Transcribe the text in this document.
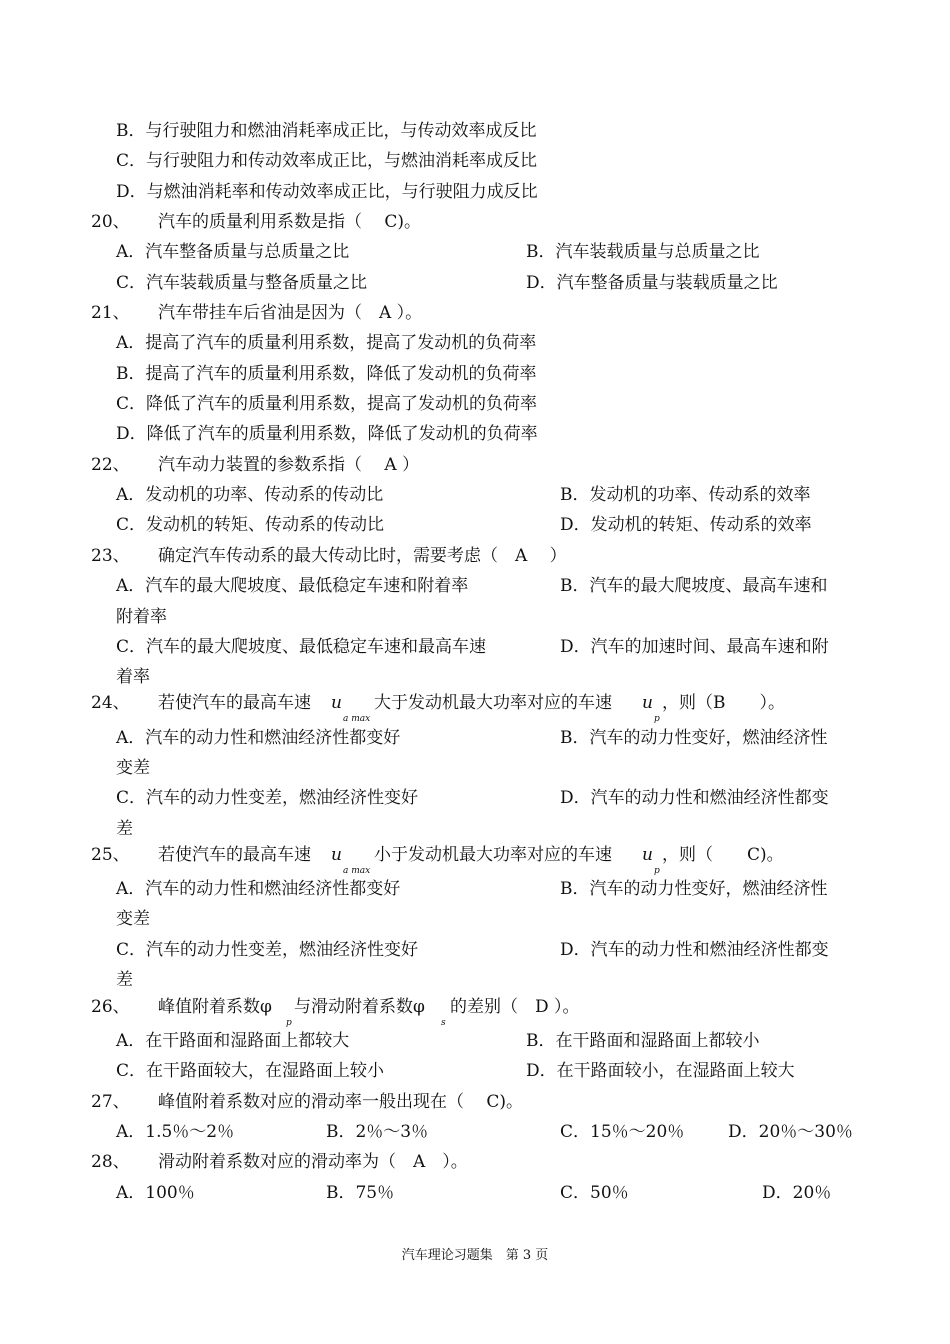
B．与行驶阻力和燃油消耗率成正比，与传动效率成反比
C．与行驶阻力和传动效率成正比，与燃油消耗率成反比
D．与燃油消耗率和传动效率成正比，与行驶阻力成反比
20、 汽车的质量利用系数是指（　 C)。
A．汽车整备质量与总质量之比	B．汽车装载质量与总质量之比
C．汽车装载质量与整备质量之比	D．汽车整备质量与装载质量之比
21、 汽车带挂车后省油是因为（　A ）。
A．提高了汽车的质量利用系数，提高了发动机的负荷率
B．提高了汽车的质量利用系数，降低了发动机的负荷率
C．降低了汽车的质量利用系数，提高了发动机的负荷率
D．降低了汽车的质量利用系数，降低了发动机的负荷率
22、 汽车动力装置的参数系指（　 A ）
A．发动机的功率、传动系的传动比	B．发动机的功率、传动系的效率
C．发动机的转矩、传动系的传动比	D．发动机的转矩、传动系的效率
23、 确定汽车传动系的最大传动比时，需要考虑（　A　 ）
A．汽车的最大爬坡度、最低稳定车速和附着率	B．汽车的最大爬坡度、最高车速和
附着率
C．汽车的最大爬坡度、最低稳定车速和最高车速	D．汽车的加速时间、最高车速和附
着率
24、 若使汽车的最高车速 u 大于发动机最大功率对应的车速 u ，则（B　　）。
a max	p
A．汽车的动力性和燃油经济性都变好	B．汽车的动力性变好，燃油经济性
变差
C．汽车的动力性变差，燃油经济性变好	D．汽车的动力性和燃油经济性都变
差
25、 若使汽车的最高车速 u 小于发动机最大功率对应的车速 u ，则（　　C)。
a max	p
A．汽车的动力性和燃油经济性都变好	B．汽车的动力性变好，燃油经济性
变差
C．汽车的动力性变差，燃油经济性变好	D．汽车的动力性和燃油经济性都变
差
26、 峰值附着系数φ 与滑动附着系数φ 的差别（　D ）。
p	s
A．在干路面和湿路面上都较大	B．在干路面和湿路面上都较小
C．在干路面较大，在湿路面上较小	D．在干路面较小，在湿路面上较大
27、 峰值附着系数对应的滑动率一般出现在（　 C)。
A．1.5％～2％	B．2％～3％	C．15％～20％	D．20％～30％
28、 滑动附着系数对应的滑动率为（　A　）。
A．100％	B．75％	C．50％	D．20％
汽车理论习题集　第 3 页
